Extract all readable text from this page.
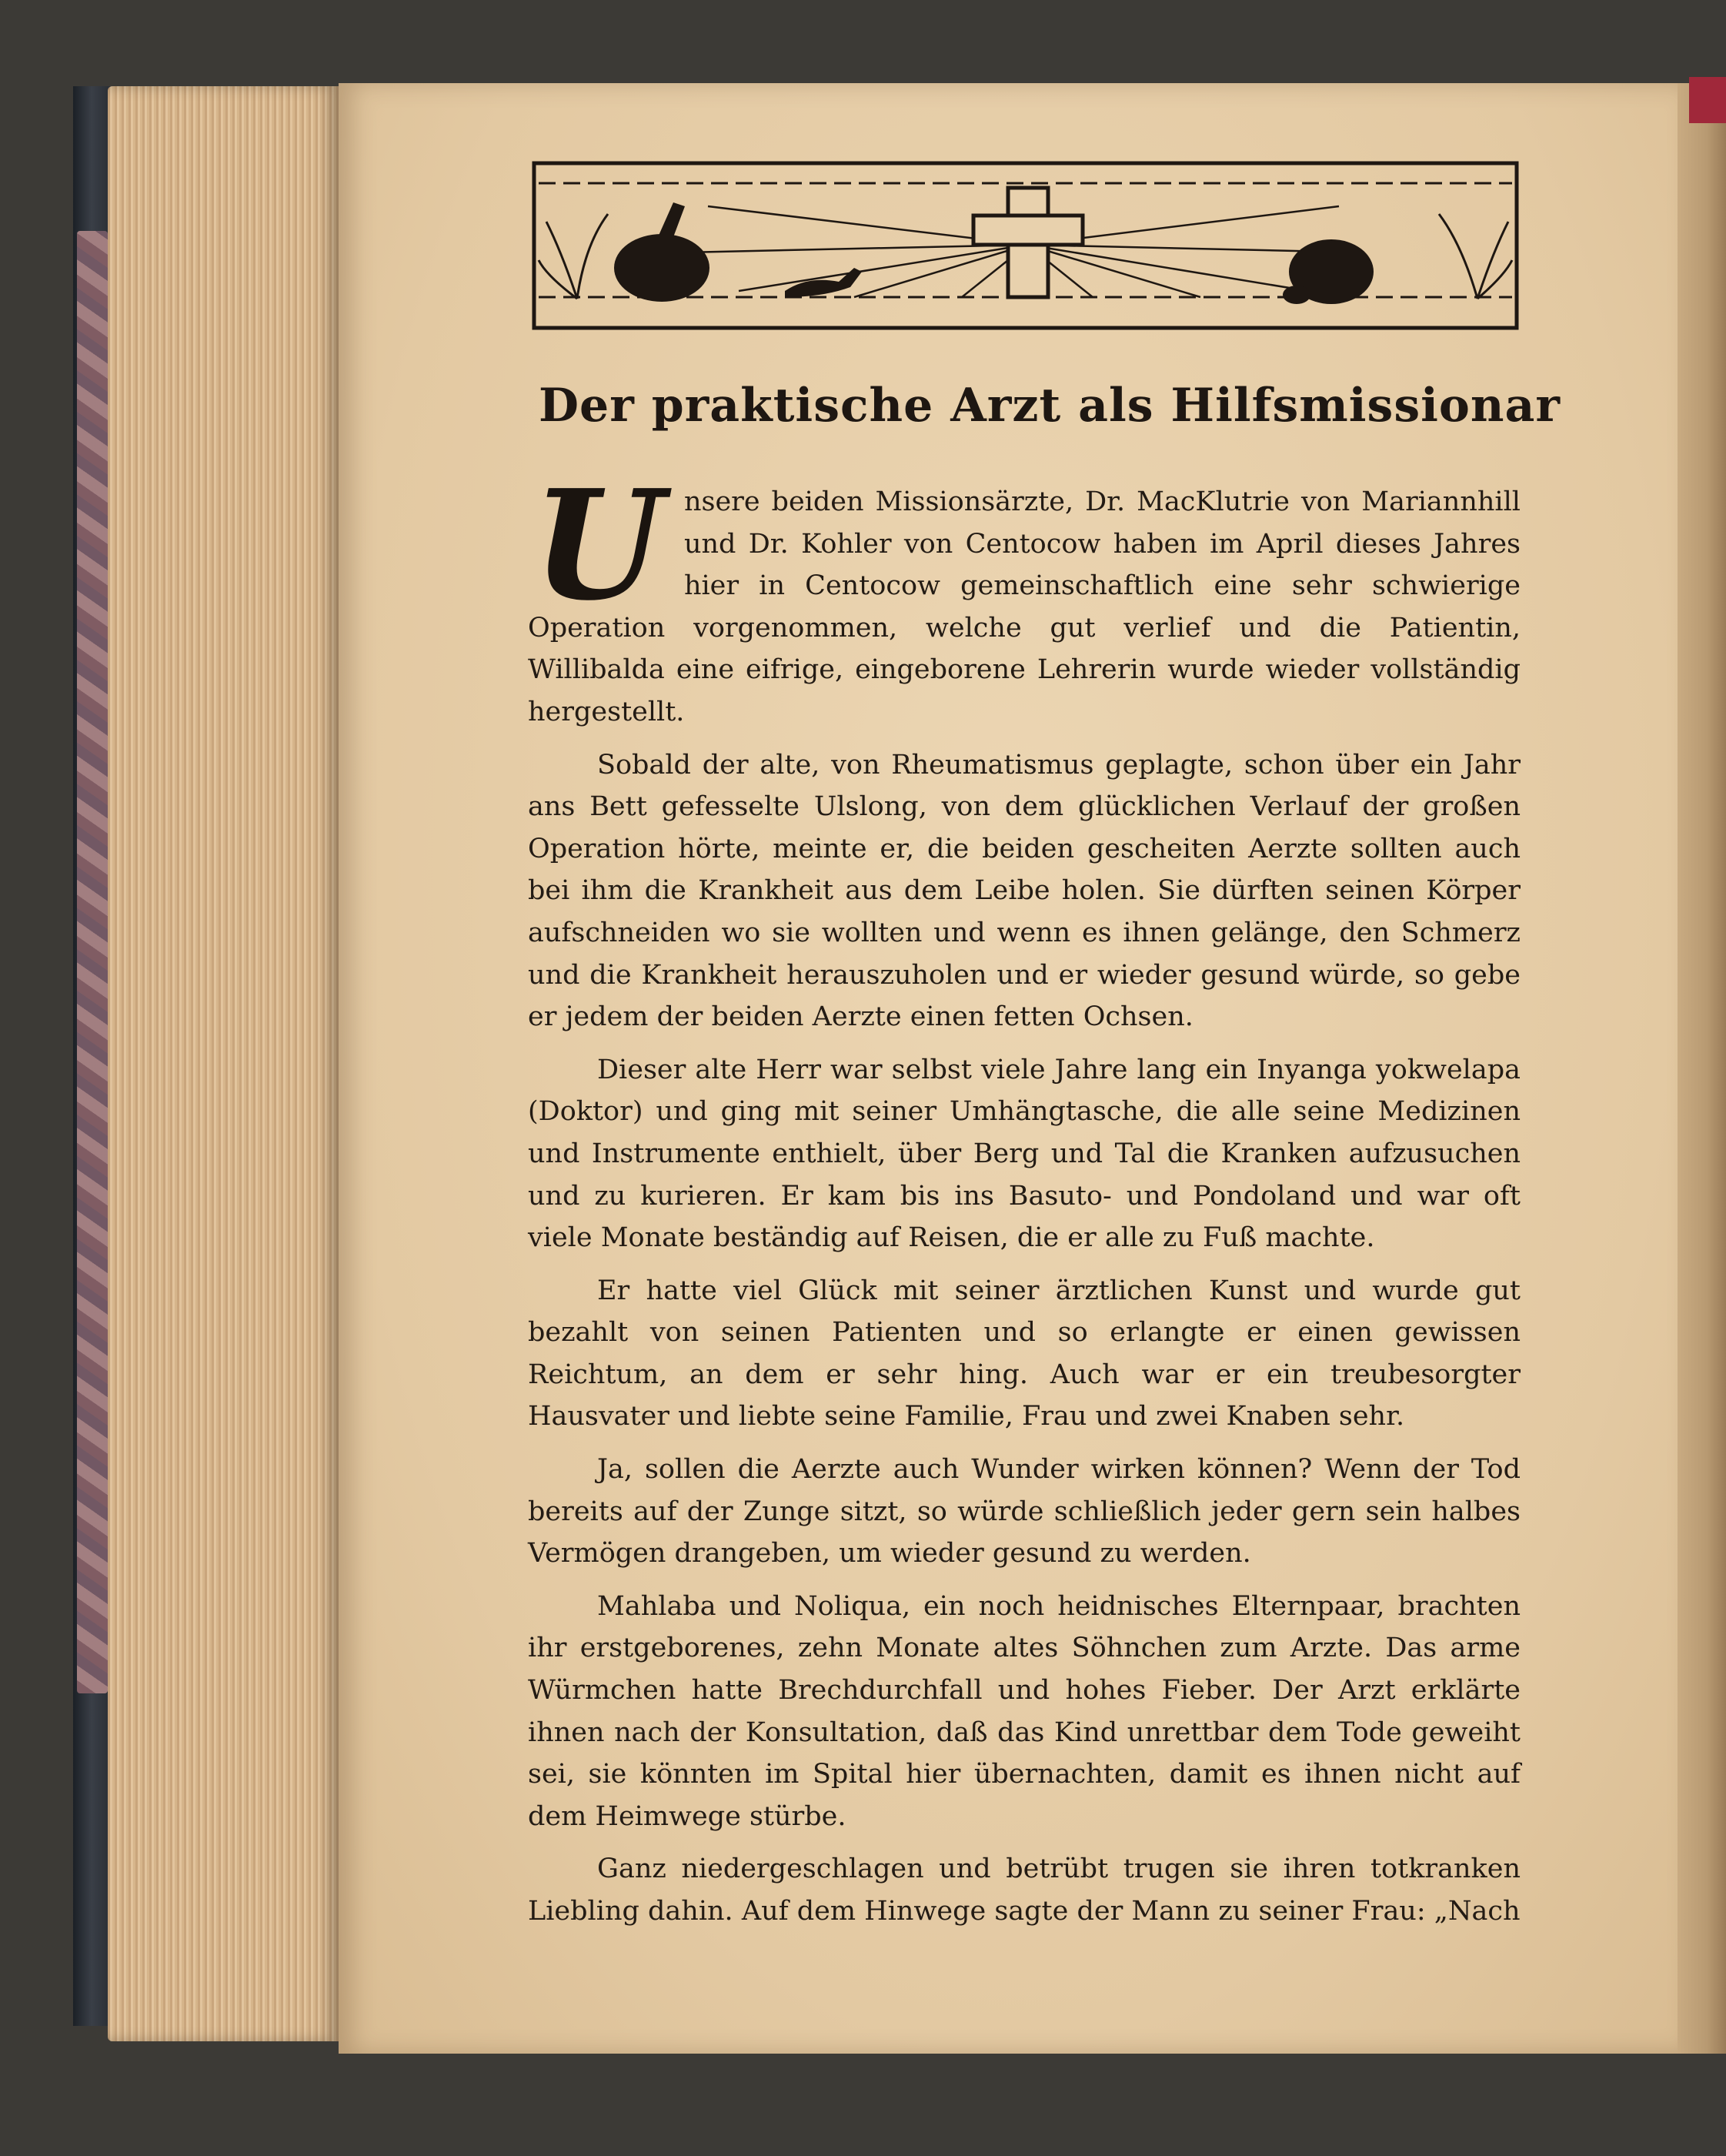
Der praktische Arzt als Hilfsmissionar

Unsere beiden Missionsärzte, Dr. MacKlutrie von Mariannhill und Dr. Kohler von Centocow haben im April dieses Jahres hier in Centocow gemeinschaftlich eine sehr schwierige Operation vorgenommen, welche gut verlief und die Patientin, Willibalda eine eifrige, eingeborene Lehrerin wurde wieder vollständig hergestellt.

Sobald der alte, von Rheumatismus geplagte, schon über ein Jahr ans Bett gefesselte Ulslong, von dem glücklichen Verlauf der großen Operation hörte, meinte er, die beiden gescheiten Aerzte sollten auch bei ihm die Krankheit aus dem Leibe holen. Sie dürften seinen Körper aufschneiden wo sie wollten und wenn es ihnen gelänge, den Schmerz und die Krankheit herauszuholen und er wieder gesund würde, so gebe er jedem der beiden Aerzte einen fetten Ochsen.

Dieser alte Herr war selbst viele Jahre lang ein Inyanga yokwelapa (Doktor) und ging mit seiner Umhängtasche, die alle seine Medizinen und Instrumente enthielt, über Berg und Tal die Kranken aufzusuchen und zu kurieren. Er kam bis ins Basuto- und Pondoland und war oft viele Monate beständig auf Reisen, die er alle zu Fuß machte.

Er hatte viel Glück mit seiner ärztlichen Kunst und wurde gut bezahlt von seinen Patienten und so erlangte er einen gewissen Reichtum, an dem er sehr hing. Auch war er ein treubesorgter Hausvater und liebte seine Familie, Frau und zwei Knaben sehr.

Ja, sollen die Aerzte auch Wunder wirken können? Wenn der Tod bereits auf der Zunge sitzt, so würde schließlich jeder gern sein halbes Vermögen drangeben, um wieder gesund zu werden.

Mahlaba und Noliqua, ein noch heidnisches Elternpaar, brachten ihr erstgeborenes, zehn Monate altes Söhnchen zum Arzte. Das arme Würmchen hatte Brechdurchfall und hohes Fieber. Der Arzt erklärte ihnen nach der Konsultation, daß das Kind unrettbar dem Tode geweiht sei, sie könnten im Spital hier übernachten, damit es ihnen nicht auf dem Heimwege stürbe.

Ganz niedergeschlagen und betrübt trugen sie ihren totkranken Liebling dahin. Auf dem Hinwege sagte der Mann zu seiner Frau: „Nach
